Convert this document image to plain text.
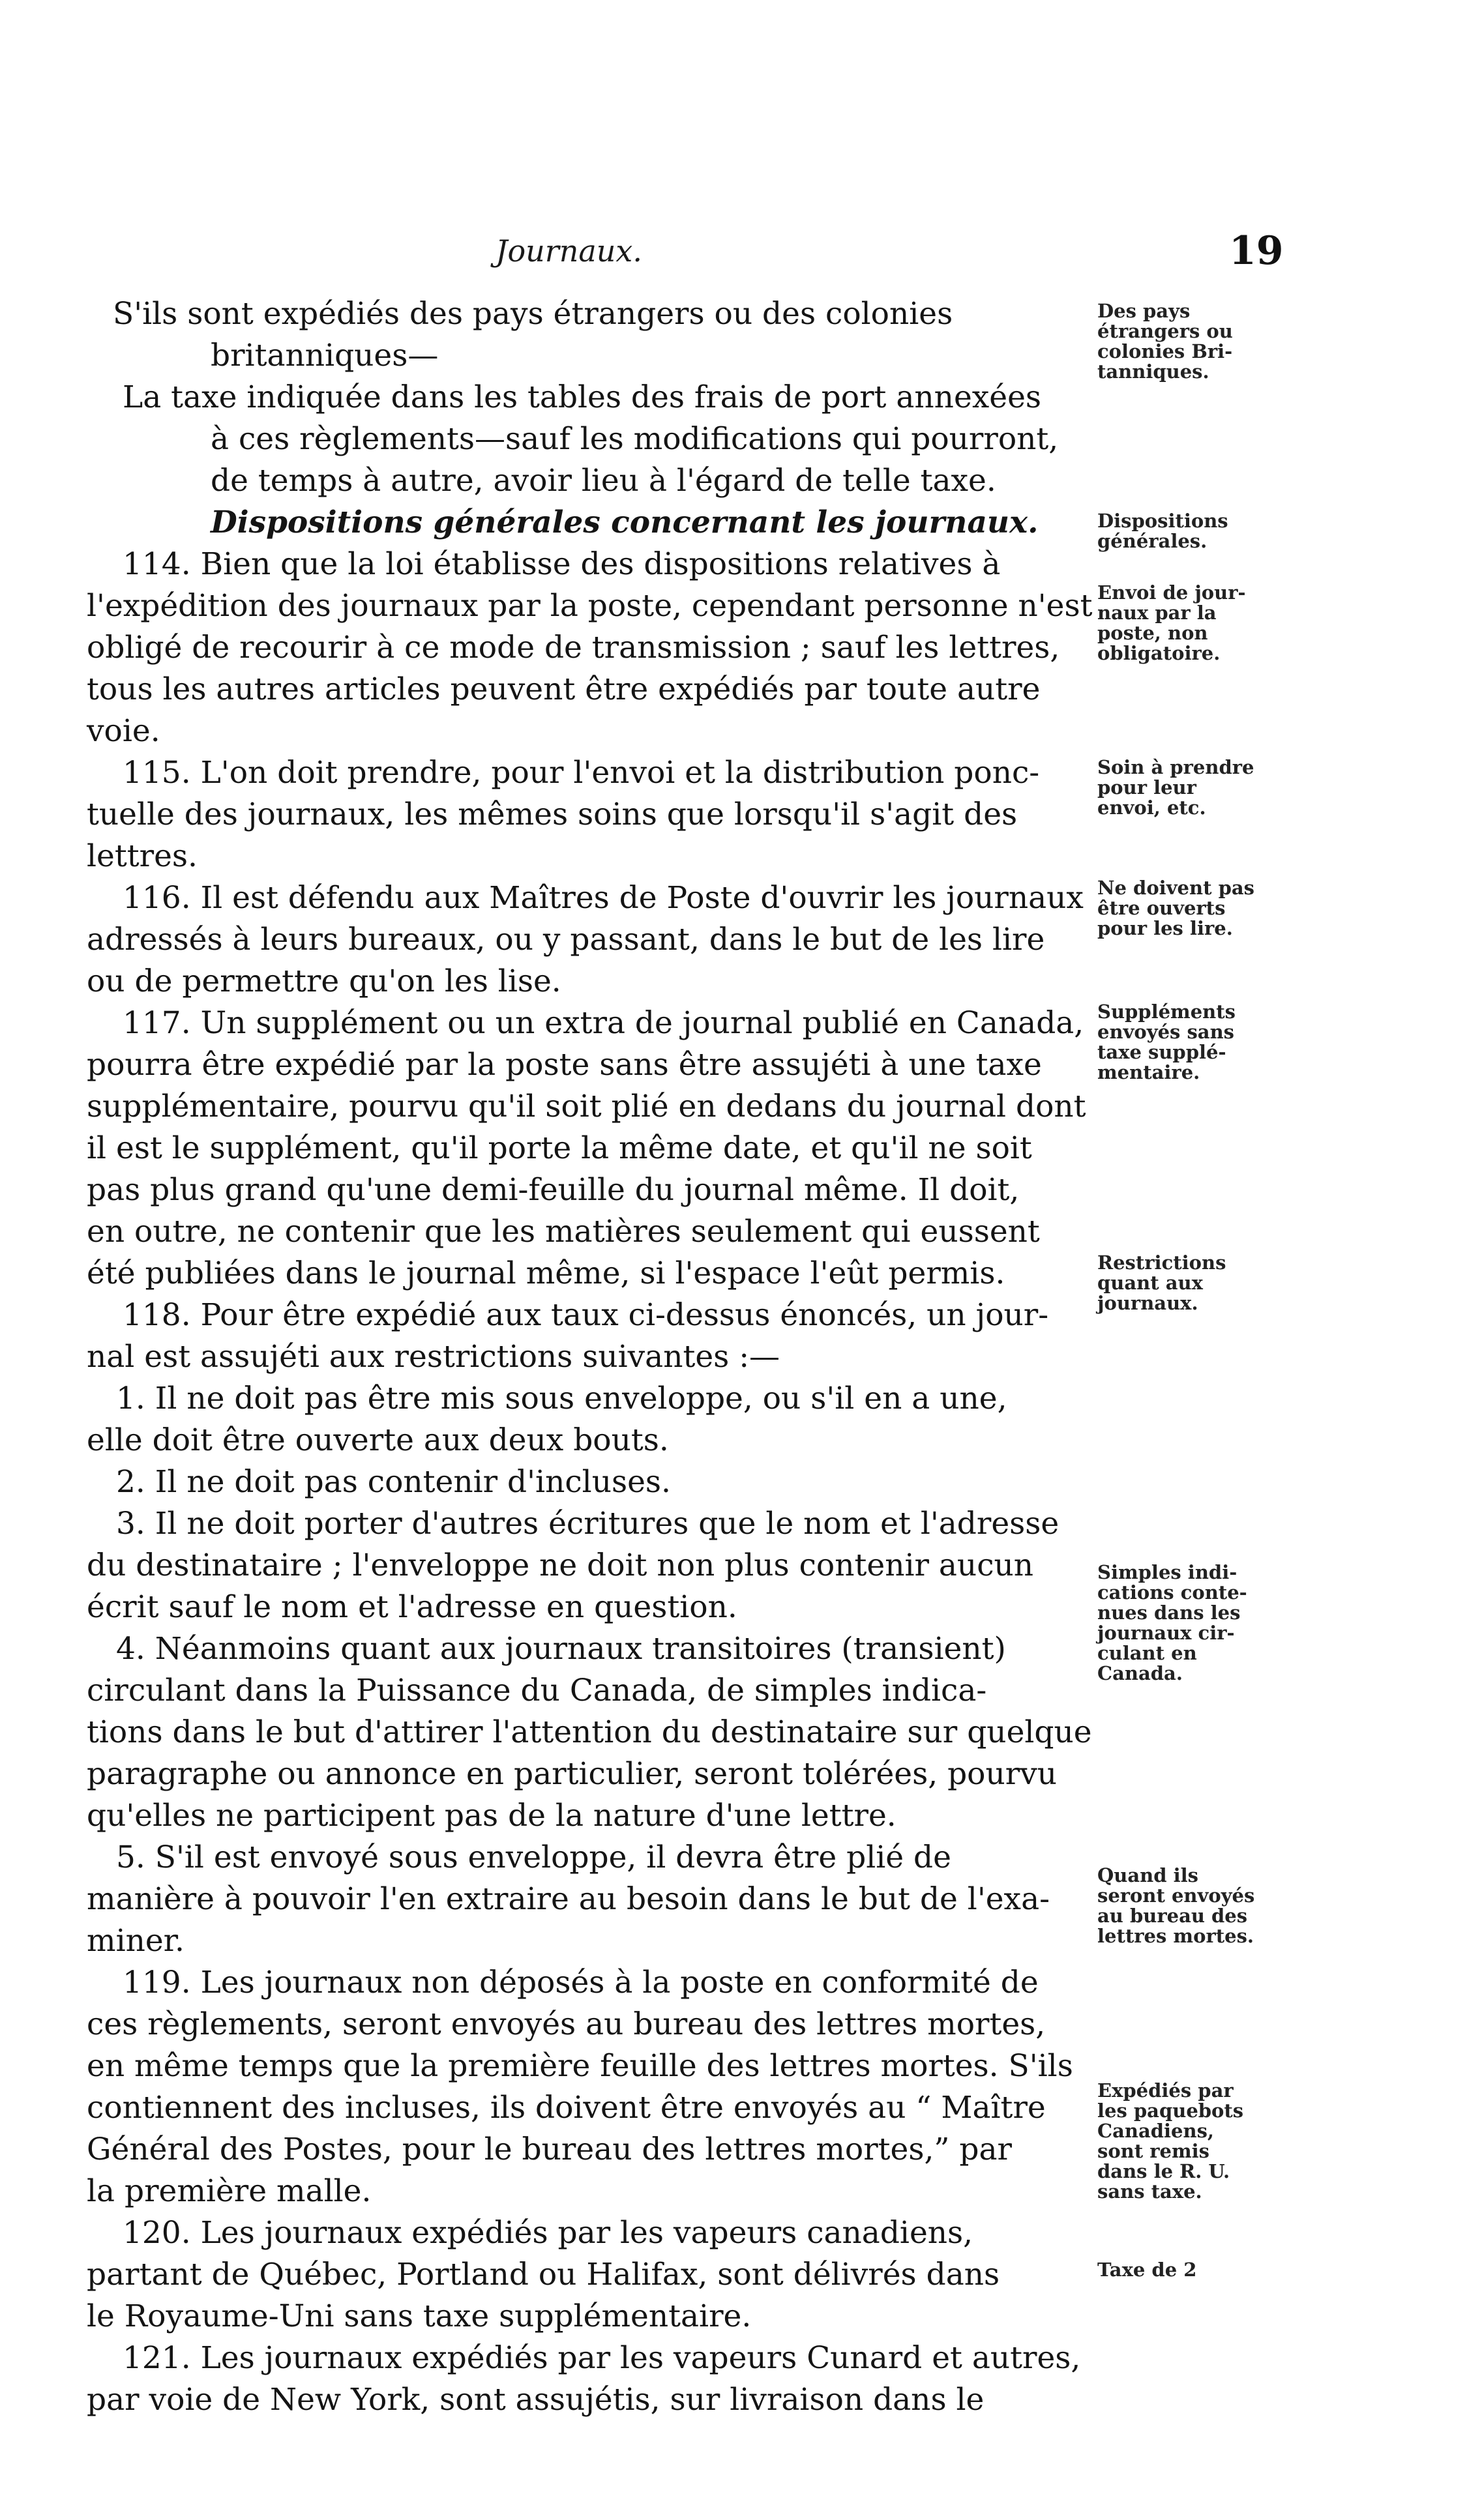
Journaux.	19
S'ils sont expédiés des pays étrangers ou des colonies
britanniques—
La taxe indiquée dans les tables des frais de port annexées
à ces règlements—sauf les modifications qui pourront,
de temps à autre, avoir lieu à l'égard de telle taxe.
Dispositions générales concernant les journaux.
114. Bien que la loi établisse des dispositions relatives à
l'expédition des journaux par la poste, cependant personne n'est
obligé de recourir à ce mode de transmission ; sauf les lettres,
tous les autres articles peuvent être expédiés par toute autre
voie.
115. L'on doit prendre, pour l'envoi et la distribution ponc-
tuelle des journaux, les mêmes soins que lorsqu'il s'agit des
lettres.
116. Il est défendu aux Maîtres de Poste d'ouvrir les journaux
adressés à leurs bureaux, ou y passant, dans le but de les lire
ou de permettre qu'on les lise.
117. Un supplément ou un extra de journal publié en Canada,
pourra être expédié par la poste sans être assujéti à une taxe
supplémentaire, pourvu qu'il soit plié en dedans du journal dont
il est le supplément, qu'il porte la même date, et qu'il ne soit
pas plus grand qu'une demi-feuille du journal même. Il doit,
en outre, ne contenir que les matières seulement qui eussent
été publiées dans le journal même, si l'espace l'eût permis.
118. Pour être expédié aux taux ci-dessus énoncés, un jour-
nal est assujéti aux restrictions suivantes :—
1. Il ne doit pas être mis sous enveloppe, ou s'il en a une,
elle doit être ouverte aux deux bouts.
2. Il ne doit pas contenir d'incluses.
3. Il ne doit porter d'autres écritures que le nom et l'adresse
du destinataire ; l'enveloppe ne doit non plus contenir aucun
écrit sauf le nom et l'adresse en question.
4. Néanmoins quant aux journaux transitoires (transient)
circulant dans la Puissance du Canada, de simples indica-
tions dans le but d'attirer l'attention du destinataire sur quelque
paragraphe ou annonce en particulier, seront tolérées, pourvu
qu'elles ne participent pas de la nature d'une lettre.
5. S'il est envoyé sous enveloppe, il devra être plié de
manière à pouvoir l'en extraire au besoin dans le but de l'exa-
miner.
119. Les journaux non déposés à la poste en conformité de
ces règlements, seront envoyés au bureau des lettres mortes,
en même temps que la première feuille des lettres mortes. S'ils
contiennent des incluses, ils doivent être envoyés au “ Maître
Général des Postes, pour le bureau des lettres mortes,” par
la première malle.
120. Les journaux expédiés par les vapeurs canadiens,
partant de Québec, Portland ou Halifax, sont délivrés dans
le Royaume-Uni sans taxe supplémentaire.
121. Les journaux expédiés par les vapeurs Cunard et autres,
par voie de New York, sont assujétis, sur livraison dans le
Des pays
étrangers ou
colonies Bri-
tanniques.
Dispositions
générales.
Envoi de jour-
naux par la
poste, non
obligatoire.
Soin à prendre
pour leur
envoi, etc.
Ne doivent pas
être ouverts
pour les lire.
Suppléments
envoyés sans
taxe supplé-
mentaire.
Restrictions
quant aux
journaux.
Simples indi-
cations conte-
nues dans les
journaux cir-
culant en
Canada.
Quand ils
seront envoyés
au bureau des
lettres mortes.
Expédiés par
les paquebots
Canadiens,
sont remis
dans le R. U.
sans taxe.
Taxe de 2
